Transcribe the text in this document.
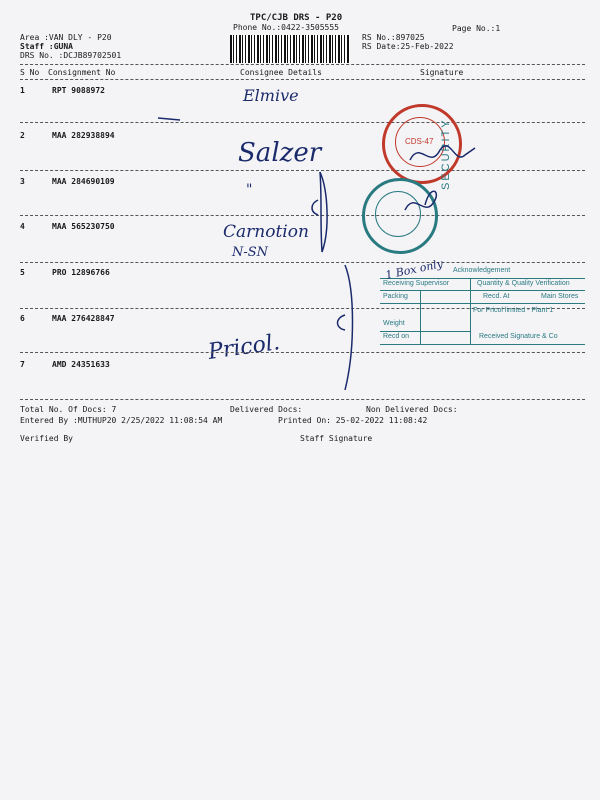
TPC/CJB DRS - P20
Phone No.:0422-3505555	Page No.:1
Area :VAN DLY - P20
Staff :GUNA
DRS No. :DCJB89702501
RS No.:897025
RS Date:25-Feb-2022
S No Consignment No	Consignee Details	Signature
1	RPT 9088972	Elmive
2	MAA 282938894
Salzer
3	MAA 284690109
"
4	MAA 565230750	Carnotion
N-SN
5	PRO 12896766
6	MAA 276428847
Pricol.
7	AMD 24351633
CDS-47 SECURITY
Acknowledgement
Receiving Supervisor	Quantity & Quality Verification
Packing	Recd. At	Main Stores
For Pricol limited - Plant 1
Weight
Recd on	Received Signature & Co
1 Box only
Total No. Of Docs: 7	Delivered Docs:	Non Delivered Docs:
Entered By :MUTHUP20 2/25/2022 11:08:54 AM	Printed On: 25-02-2022 11:08:42
Verified By	Staff Signature
